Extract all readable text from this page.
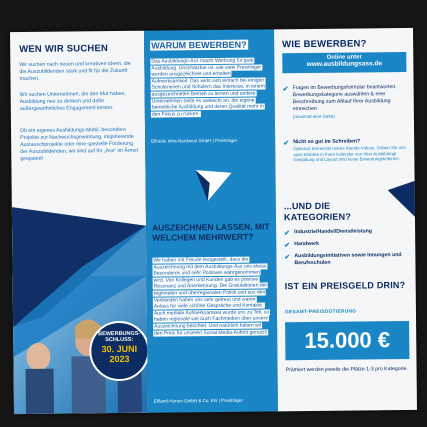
WEN WIR SUCHEN
Wir suchen nach neuen und kreativen Ideen, die die Auszubildenden stark und fit für die Zukunft machen.
Wir suchen Unternehmen, die den Mut haben, Ausbildung neu zu denken und dafür außergewöhnliches Engagement leisten.
Ob ein eigenes Ausbildungs-Mobil, besondere Projekte zur Nachwuchsgewinnung, inspirierende Austauschprojekte oder eine spezielle Förderung der Auszubildenden, wir sind auf Ihr „Ass“ im Ärmel gespannt!
BEWERBUNGS-
SCHLUSS:
30. JUNI
2023
WARUM BEWERBEN?
Das Ausbildungs-Ass macht Werbung für gute Ausbildung. Unschätzbar ist, wie viele Preisträger werden ausgezeichnet und erhalten Aufmerksamkeit. Das wirkt sich einfach bei einigen Schülerinnen und Schülern das Interesse, in einem ausgezeichneten Betrieb zu lernen und andere Unternehmen treibt es vielleicht an, die eigene betriebliche Ausbildung und deren Qualität mehr in den Fokus zu rücken.
Elfriede Infra-Nordwest GmbH | Preisträger
AUSZEICHNEN LASSEN, MIT WELCHEM MEHRWERT?
Wir haben mit Freude festgestellt, dass die Auszeichnung mit dem Ausbildungs-Ass uns etwas Besonderes und sehr Positives wahrgenommen wird. Von Kollegen und Kunden gab es positive Resonanz und Anerkennung. Die Gratulationen der regionalen und überregionalen Politik und aus den Verbänden haben uns sehr gefreut und waren Anlass für viele schöne Gespräche und Kontakte. Auch mediale Aufmerksamkeit wurde uns zu Teil, so haben regionale wie auch Fachmedien über unsere Auszeichnung berichtet. Und natürlich haben wir den Preis für unseren Social Media-Auftritt genutzt!
Effland-Horten GmbH & Co. KG | Preisträger
WIE BEWERBEN?
Online unter
www.ausbildungsass.de
✔ Fragen im Bewerbungsformular beantworten. Bewerbungskategorie auswählen & eine Beschreibung zum Ablauf Ihrer Ausbildung einreichen
(maximal eine Seite)
✔ Nicht so gut im Schreiben?
Optional: Einreichen eines iHandy-Videos. Geben Sie uns auch Einblick in Ihren Kalender von Ihrer Ausbildung! Gestaltung und Layout sind keine Bewertungskriterien.
...UND DIE KATEGORIEN?
✔ Industrie/Handel/Dienstleistung
✔ Handwerk
✔ Ausbildungsinitiativen sowie Innungen und Berufsschulen
IST EIN PREISGELD DRIN?
GESAMT-PREISDOTIERUNG
15.000 €
Prämiert werden jeweils die Plätze 1-3 pro Kategorie.
